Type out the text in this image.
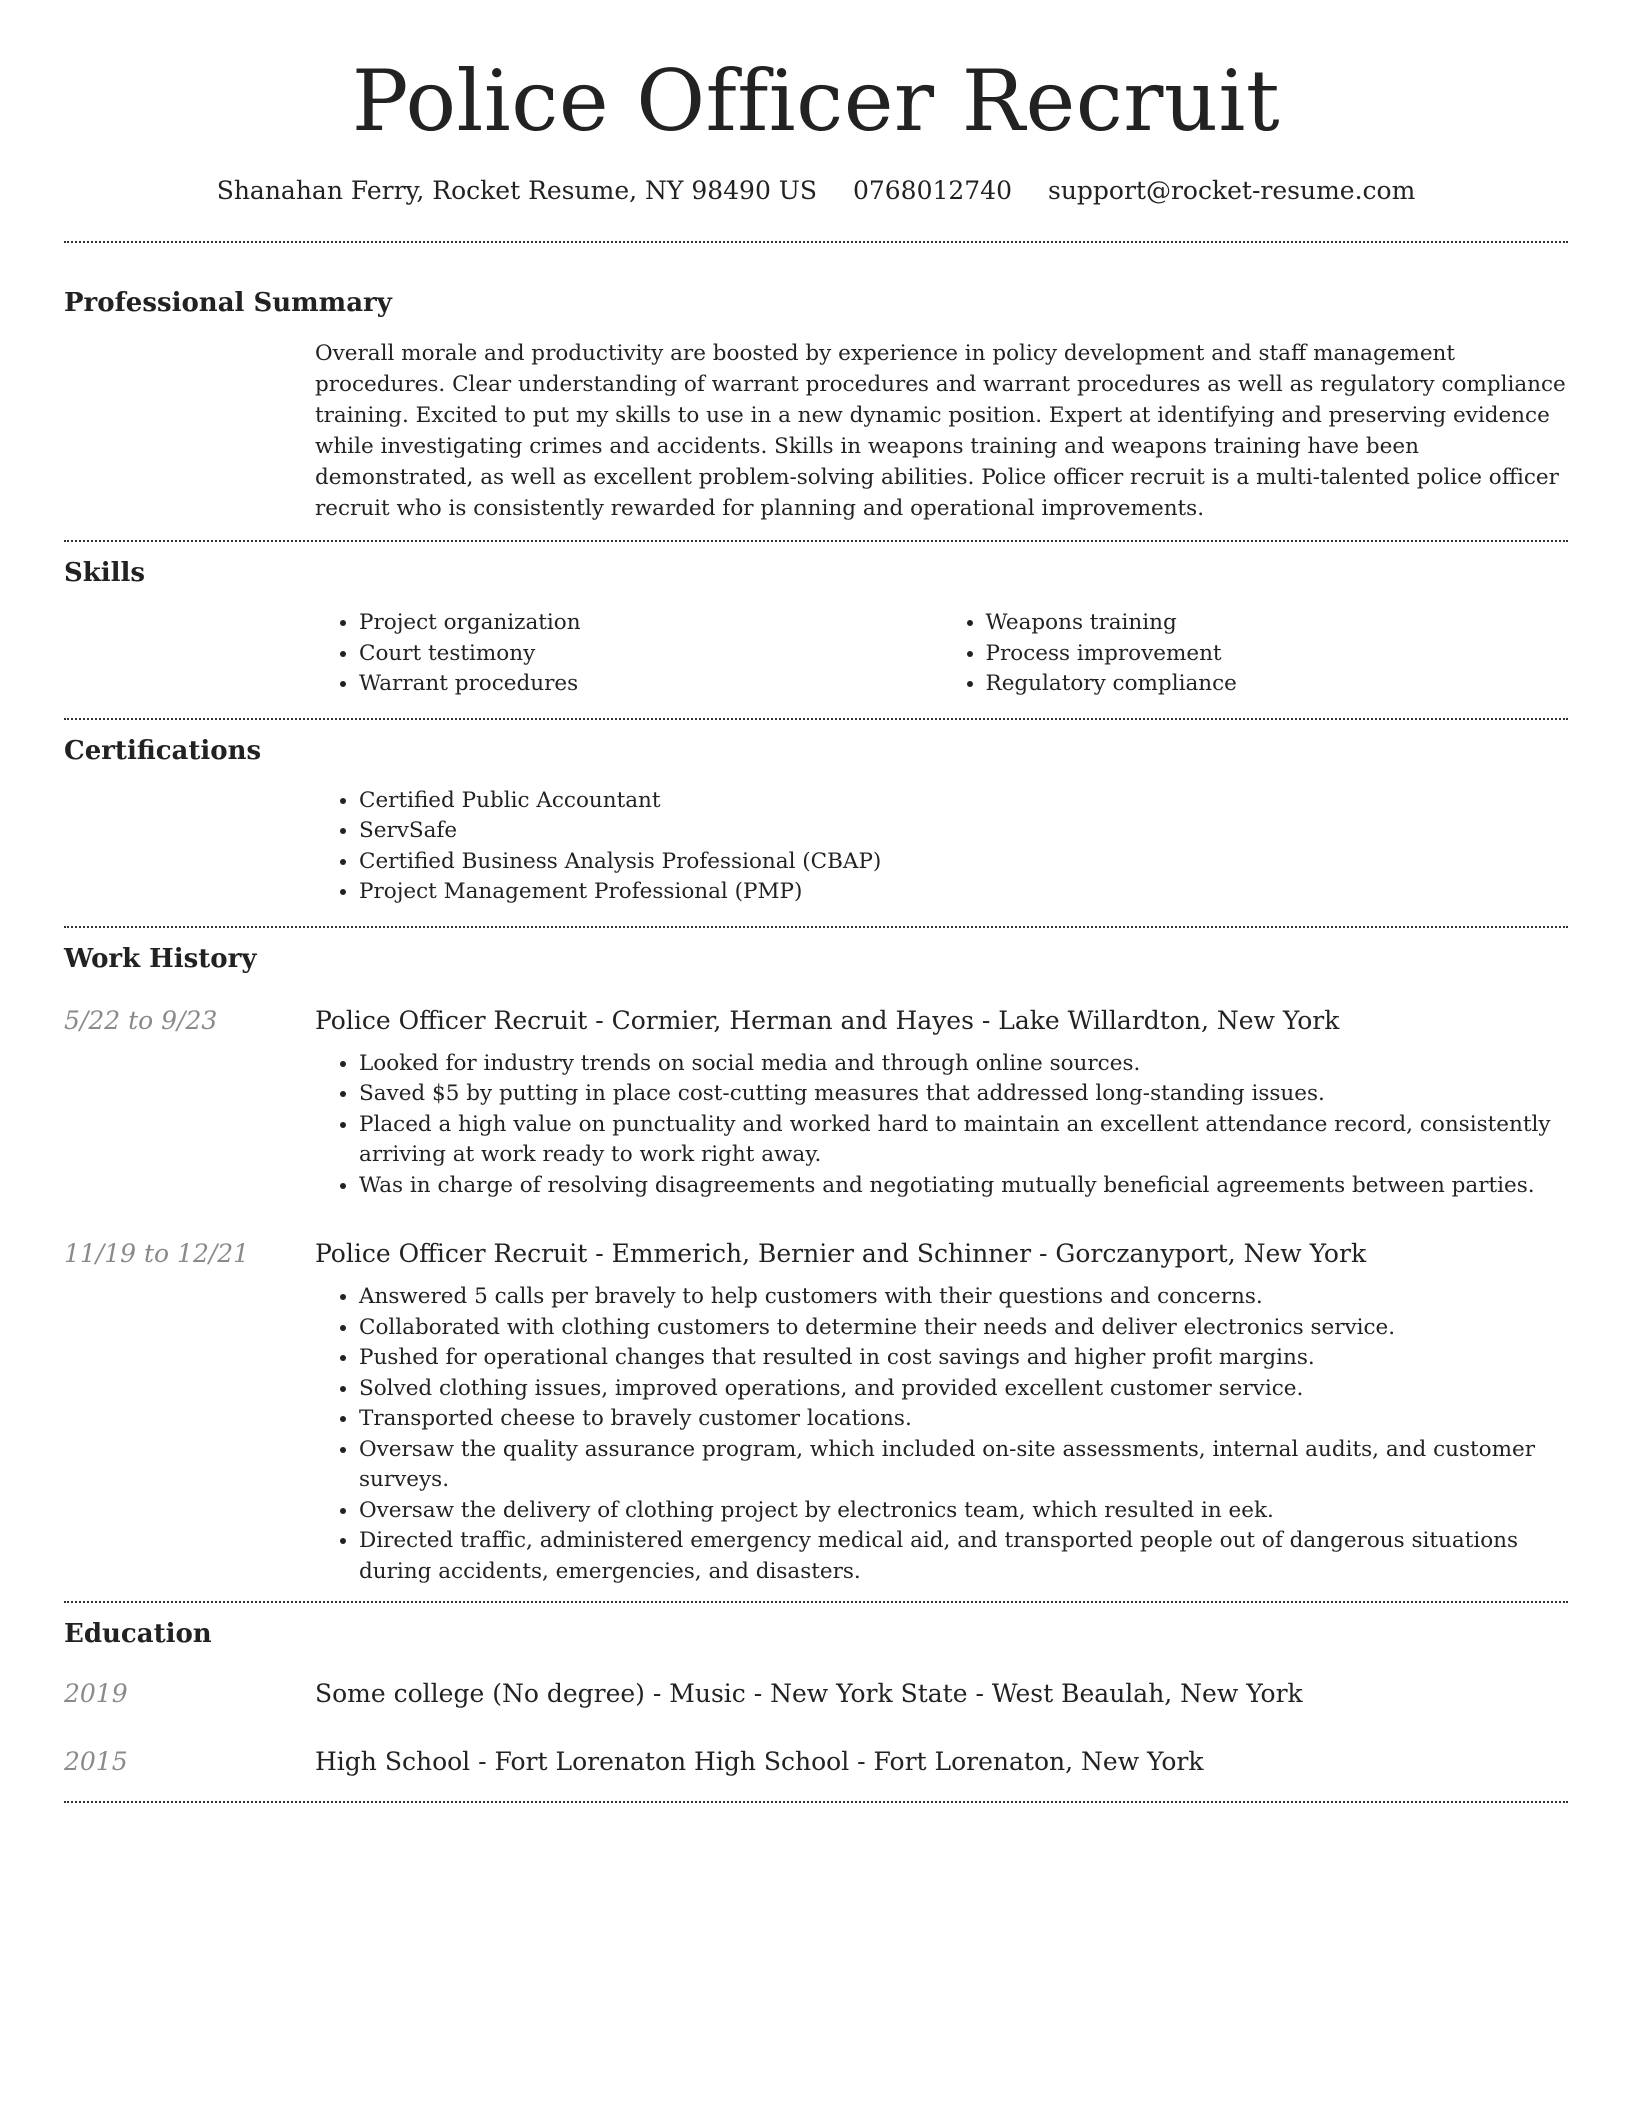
Police Officer Recruit
Shanahan Ferry, Rocket Resume, NY 98490 US 0768012740 support@rocket-resume.com
Professional Summary

Overall morale and productivity are boosted by experience in policy development and staff management procedures. Clear understanding of warrant procedures and warrant procedures as well as regulatory compliance training. Excited to put my skills to use in a new dynamic position. Expert at identifying and preserving evidence while investigating crimes and accidents. Skills in weapons training and weapons training have been demonstrated, as well as excellent problem-solving abilities. Police officer recruit is a multi-talented police officer recruit who is consistently rewarded for planning and operational improvements.

Skills
• Project organization
• Court testimony
• Warrant procedures
• Weapons training
• Process improvement
• Regulatory compliance
Certifications
• Certified Public Accountant
• ServSafe
• Certified Business Analysis Professional (CBAP)
• Project Management Professional (PMP)
Work History
5/22 to 9/23	Police Officer Recruit - Cormier, Herman and Hayes - Lake Willardton, New York
• Looked for industry trends on social media and through online sources.
• Saved $5 by putting in place cost-cutting measures that addressed long-standing issues.
• Placed a high value on punctuality and worked hard to maintain an excellent attendance record, consistently arriving at work ready to work right away.
• Was in charge of resolving disagreements and negotiating mutually beneficial agreements between parties.
11/19 to 12/21	Police Officer Recruit - Emmerich, Bernier and Schinner - Gorczanyport, New York
• Answered 5 calls per bravely to help customers with their questions and concerns.
• Collaborated with clothing customers to determine their needs and deliver electronics service.
• Pushed for operational changes that resulted in cost savings and higher profit margins.
• Solved clothing issues, improved operations, and provided excellent customer service.
• Transported cheese to bravely customer locations.
• Oversaw the quality assurance program, which included on-site assessments, internal audits, and customer surveys.
• Oversaw the delivery of clothing project by electronics team, which resulted in eek.
• Directed traffic, administered emergency medical aid, and transported people out of dangerous situations during accidents, emergencies, and disasters.
Education
2019	Some college (No degree) - Music - New York State - West Beaulah, New York
2015	High School - Fort Lorenaton High School - Fort Lorenaton, New York
